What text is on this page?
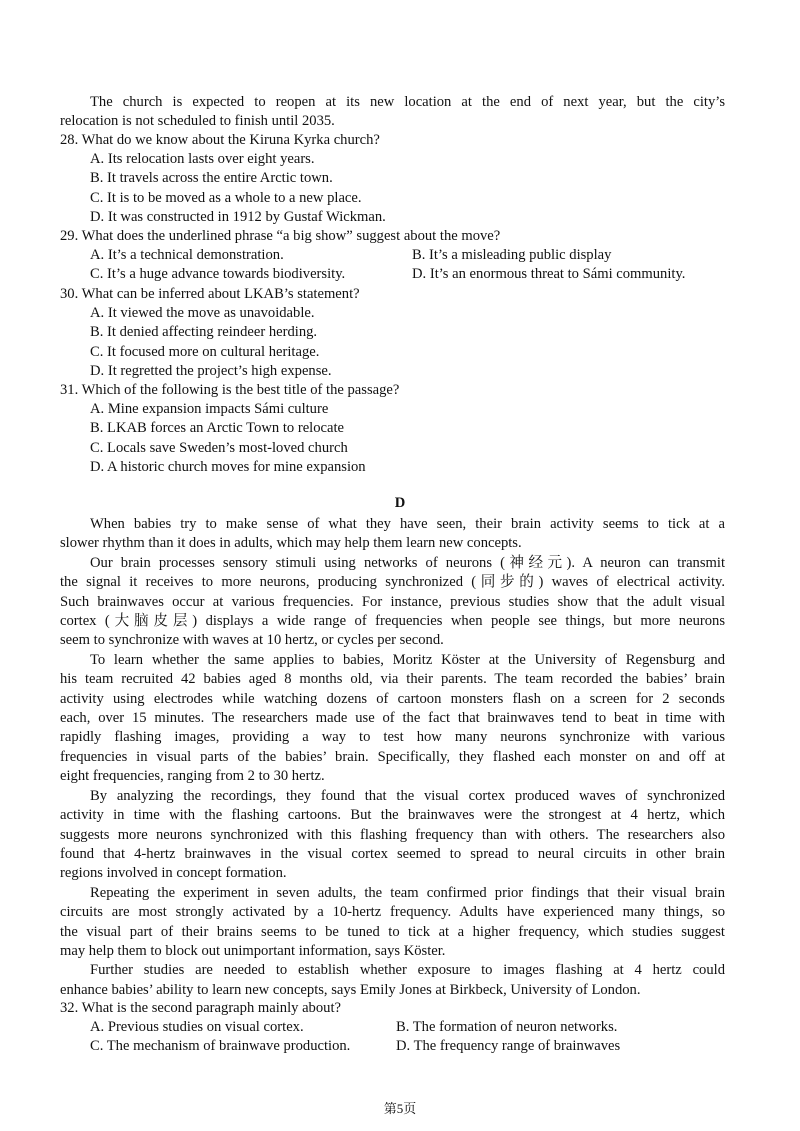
The church is expected to reopen at its new location at the end of next year, but the city’s
relocation is not scheduled to finish until 2035.
28. What do we know about the Kiruna Kyrka church?
A. Its relocation lasts over eight years.
B. It travels across the entire Arctic town.
C. It is to be moved as a whole to a new place.
D. It was constructed in 1912 by Gustaf Wickman.
29. What does the underlined phrase “a big show” suggest about the move?
A. It’s a technical demonstration.	B. It’s a misleading public display
C. It’s a huge advance towards biodiversity.	D. It’s an enormous threat to Sámi community.
30. What can be inferred about LKAB’s statement?
A. It viewed the move as unavoidable.
B. It denied affecting reindeer herding.
C. It focused more on cultural heritage.
D. It regretted the project’s high expense.
31. Which of the following is the best title of the passage?
A. Mine expansion impacts Sámi culture
B. LKAB forces an Arctic Town to relocate
C. Locals save Sweden’s most-loved church
D. A historic church moves for mine expansion
D
When babies try to make sense of what they have seen, their brain activity seems to tick at a
slower rhythm than it does in adults, which may help them learn new concepts.
Our brain processes sensory stimuli using networks of neurons (神经元). A neuron can transmit
the signal it receives to more neurons, producing synchronized (同步的) waves of electrical activity.
Such brainwaves occur at various frequencies. For instance, previous studies show that the adult visual
cortex (大脑皮层) displays a wide range of frequencies when people see things, but more neurons
seem to synchronize with waves at 10 hertz, or cycles per second.
To learn whether the same applies to babies, Moritz Köster at the University of Regensburg and
his team recruited 42 babies aged 8 months old, via their parents. The team recorded the babies’ brain
activity using electrodes while watching dozens of cartoon monsters flash on a screen for 2 seconds
each, over 15 minutes. The researchers made use of the fact that brainwaves tend to beat in time with
rapidly flashing images, providing a way to test how many neurons synchronize with various
frequencies in visual parts of the babies’ brain. Specifically, they flashed each monster on and off at
eight frequencies, ranging from 2 to 30 hertz.
By analyzing the recordings, they found that the visual cortex produced waves of synchronized
activity in time with the flashing cartoons. But the brainwaves were the strongest at 4 hertz, which
suggests more neurons synchronized with this flashing frequency than with others. The researchers also
found that 4-hertz brainwaves in the visual cortex seemed to spread to neural circuits in other brain
regions involved in concept formation.
Repeating the experiment in seven adults, the team confirmed prior findings that their visual brain
circuits are most strongly activated by a 10-hertz frequency. Adults have experienced many things, so
the visual part of their brains seems to be tuned to tick at a higher frequency, which studies suggest
may help them to block out unimportant information, says Köster.
Further studies are needed to establish whether exposure to images flashing at 4 hertz could
enhance babies’ ability to learn new concepts, says Emily Jones at Birkbeck, University of London.
32. What is the second paragraph mainly about?
A. Previous studies on visual cortex.	B. The formation of neuron networks.
C. The mechanism of brainwave production.	D. The frequency range of brainwaves
第5页
